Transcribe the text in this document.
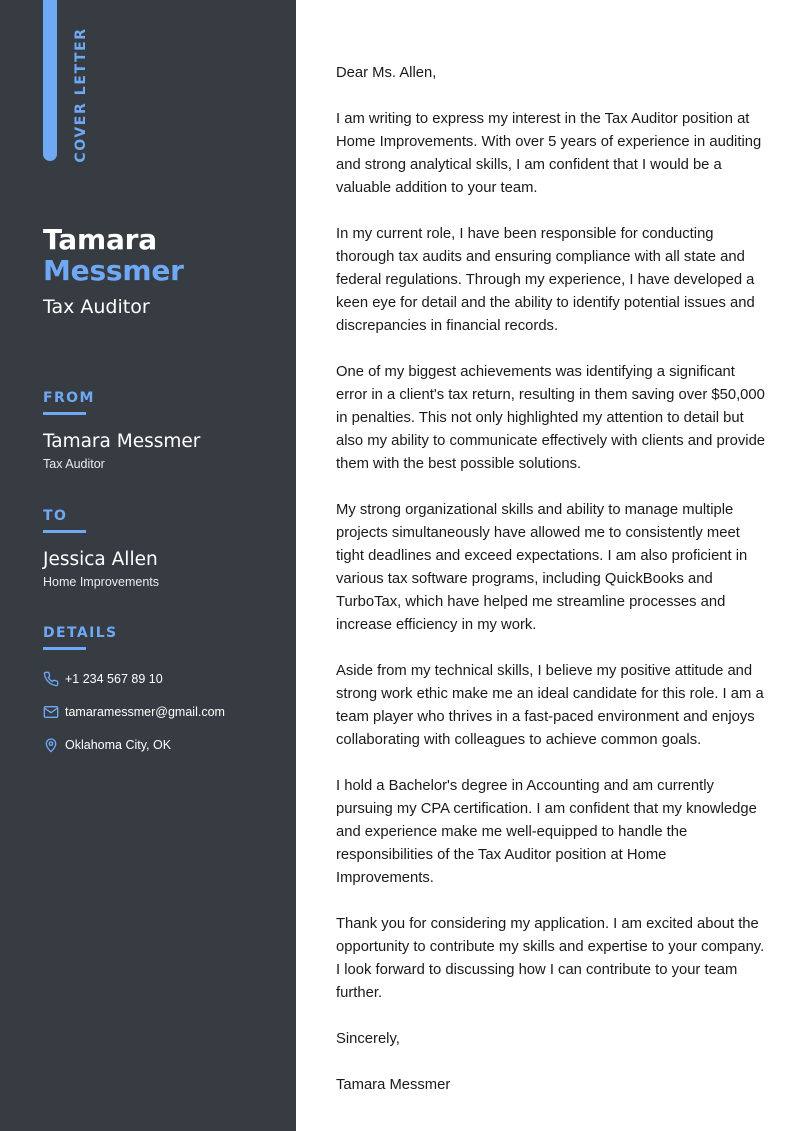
COVER LETTER
Tamara
Messmer
Tax Auditor
FROM
Tamara Messmer
Tax Auditor
TO
Jessica Allen
Home Improvements
DETAILS
+1 234 567 89 10
tamaramessmer@gmail.com
Oklahoma City, OK

Dear Ms. Allen,

I am writing to express my interest in the Tax Auditor position at Home Improvements. With over 5 years of experience in auditing and strong analytical skills, I am confident that I would be a valuable addition to your team.

In my current role, I have been responsible for conducting thorough tax audits and ensuring compliance with all state and federal regulations. Through my experience, I have developed a keen eye for detail and the ability to identify potential issues and discrepancies in financial records.

One of my biggest achievements was identifying a significant error in a client's tax return, resulting in them saving over $50,000 in penalties. This not only highlighted my attention to detail but also my ability to communicate effectively with clients and provide them with the best possible solutions.

My strong organizational skills and ability to manage multiple projects simultaneously have allowed me to consistently meet tight deadlines and exceed expectations. I am also proficient in various tax software programs, including QuickBooks and TurboTax, which have helped me streamline processes and increase efficiency in my work.

Aside from my technical skills, I believe my positive attitude and strong work ethic make me an ideal candidate for this role. I am a team player who thrives in a fast-paced environment and enjoys collaborating with colleagues to achieve common goals.

I hold a Bachelor's degree in Accounting and am currently pursuing my CPA certification. I am confident that my knowledge and experience make me well-equipped to handle the responsibilities of the Tax Auditor position at Home Improvements.

Thank you for considering my application. I am excited about the opportunity to contribute my skills and expertise to your company. I look forward to discussing how I can contribute to your team further.

Sincerely,

Tamara Messmer
